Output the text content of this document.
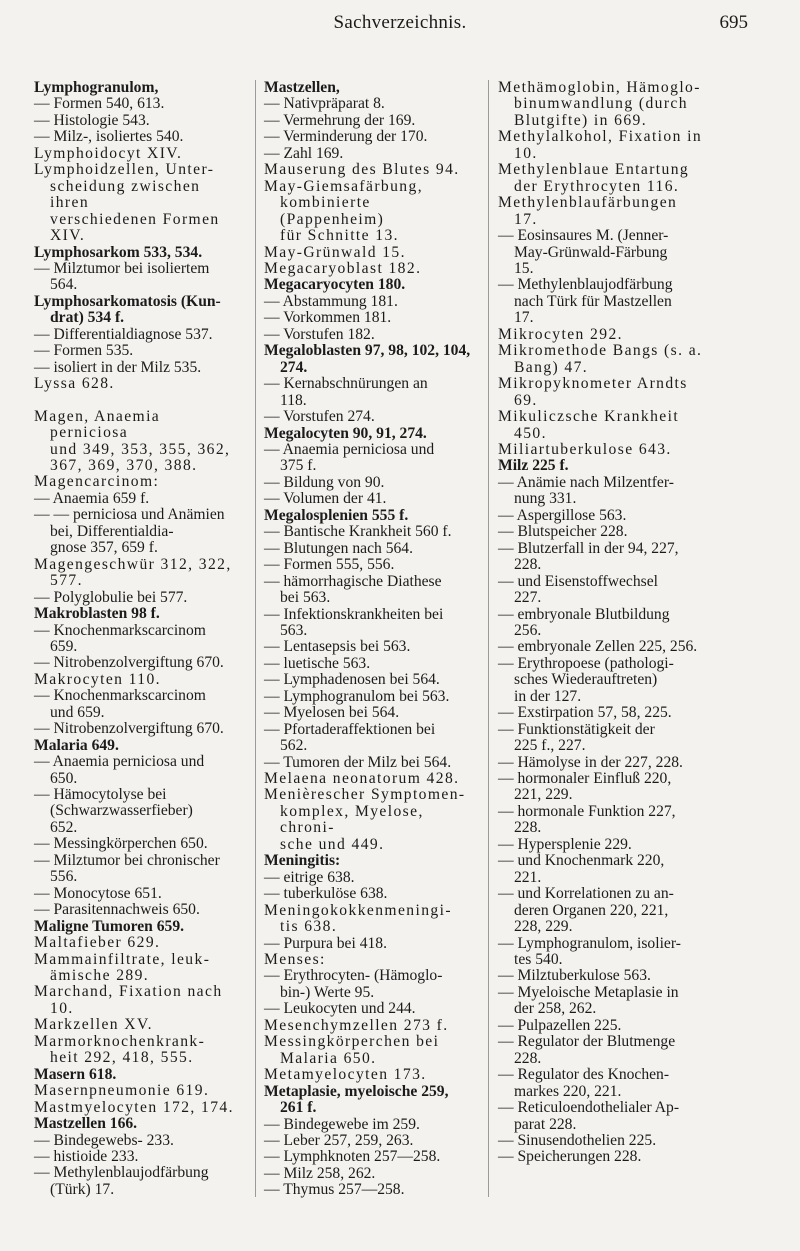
Sachverzeichnis.	695
Lymphogranulom,
— Formen 540, 613.
— Histologie 543.
— Milz-, isoliertes 540.
Lymphoidocyt XIV.
Lymphoidzellen, Unter-
scheidung zwischen ihren
verschiedenen Formen
XIV.
Lymphosarkom 533, 534.
— Milztumor bei isoliertem
564.
Lymphosarkomatosis (Kun-
drat) 534 f.
— Differentialdiagnose 537.
— Formen 535.
— isoliert in der Milz 535.
Lyssa 628.
Magen, Anaemia perniciosa
und 349, 353, 355, 362,
367, 369, 370, 388.
Magencarcinom:
— Anaemia 659 f.
— — perniciosa und Anämien
bei, Differentialdia-
gnose 357, 659 f.
Magengeschwür 312, 322,
577.
— Polyglobulie bei 577.
Makroblasten 98 f.
— Knochenmarkscarcinom
659.
— Nitrobenzolvergiftung 670.
Makrocyten 110.
— Knochenmarkscarcinom
und 659.
— Nitrobenzolvergiftung 670.
Malaria 649.
— Anaemia perniciosa und
650.
— Hämocytolyse bei
(Schwarzwasserfieber)
652.
— Messingkörperchen 650.
— Milztumor bei chronischer
556.
— Monocytose 651.
— Parasitennachweis 650.
Maligne Tumoren 659.
Maltafieber 629.
Mammainfiltrate, leuk-
ämische 289.
Marchand, Fixation nach 10.
Markzellen XV.
Marmorknochenkrank-
heit 292, 418, 555.
Masern 618.
Masernpneumonie 619.
Mastmyelocyten 172, 174.
Mastzellen 166.
— Bindegewebs- 233.
— histioide 233.
— Methylenblaujodfärbung
(Türk) 17.
Mastzellen,
— Nativpräparat 8.
— Vermehrung der 169.
— Verminderung der 170.
— Zahl 169.
Mauserung des Blutes 94.
May-Giemsafärbung,
kombinierte (Pappenheim)
für Schnitte 13.
May-Grünwald 15.
Megacaryoblast 182.
Megacaryocyten 180.
— Abstammung 181.
— Vorkommen 181.
— Vorstufen 182.
Megaloblasten 97, 98, 102, 104,
274.
— Kernabschnürungen an
118.
— Vorstufen 274.
Megalocyten 90, 91, 274.
— Anaemia perniciosa und
375 f.
— Bildung von 90.
— Volumen der 41.
Megalosplenien 555 f.
— Bantische Krankheit 560 f.
— Blutungen nach 564.
— Formen 555, 556.
— hämorrhagische Diathese
bei 563.
— Infektionskrankheiten bei
563.
— Lentasepsis bei 563.
— luetische 563.
— Lymphadenosen bei 564.
— Lymphogranulom bei 563.
— Myelosen bei 564.
— Pfortaderaffektionen bei
562.
— Tumoren der Milz bei 564.
Melaena neonatorum 428.
Menièrescher Symptomen-
komplex, Myelose, chroni-
sche und 449.
Meningitis:
— eitrige 638.
— tuberkulöse 638.
Meningokokkenmeningi-
tis 638.
— Purpura bei 418.
Menses:
— Erythrocyten- (Hämoglo-
bin-) Werte 95.
— Leukocyten und 244.
Mesenchymzellen 273 f.
Messingkörperchen bei
Malaria 650.
Metamyelocyten 173.
Metaplasie, myeloische 259,
261 f.
— Bindegewebe im 259.
— Leber 257, 259, 263.
— Lymphknoten 257—258.
— Milz 258, 262.
— Thymus 257—258.
Methämoglobin, Hämoglo-
binumwandlung (durch
Blutgifte) in 669.
Methylalkohol, Fixation in
10.
Methylenblaue Entartung
der Erythrocyten 116.
Methylenblaufärbungen
17.
— Eosinsaures M. (Jenner-
May-Grünwald-Färbung
15.
— Methylenblaujodfärbung
nach Türk für Mastzellen
17.
Mikrocyten 292.
Mikromethode Bangs (s. a.
Bang) 47.
Mikropyknometer Arndts
69.
Mikuliczsche Krankheit
450.
Miliartuberkulose 643.
Milz 225 f.
— Anämie nach Milzentfer-
nung 331.
— Aspergillose 563.
— Blutspeicher 228.
— Blutzerfall in der 94, 227,
228.
— und Eisenstoffwechsel
227.
— embryonale Blutbildung
256.
— embryonale Zellen 225, 256.
— Erythropoese (pathologi-
sches Wiederauftreten)
in der 127.
— Exstirpation 57, 58, 225.
— Funktionstätigkeit der
225 f., 227.
— Hämolyse in der 227, 228.
— hormonaler Einfluß 220,
221, 229.
— hormonale Funktion 227,
228.
— Hypersplenie 229.
— und Knochenmark 220,
221.
— und Korrelationen zu an-
deren Organen 220, 221,
228, 229.
— Lymphogranulom, isolier-
tes 540.
— Milztuberkulose 563.
— Myeloische Metaplasie in
der 258, 262.
— Pulpazellen 225.
— Regulator der Blutmenge
228.
— Regulator des Knochen-
markes 220, 221.
— Reticuloendothelialer Ap-
parat 228.
— Sinusendothelien 225.
— Speicherungen 228.
